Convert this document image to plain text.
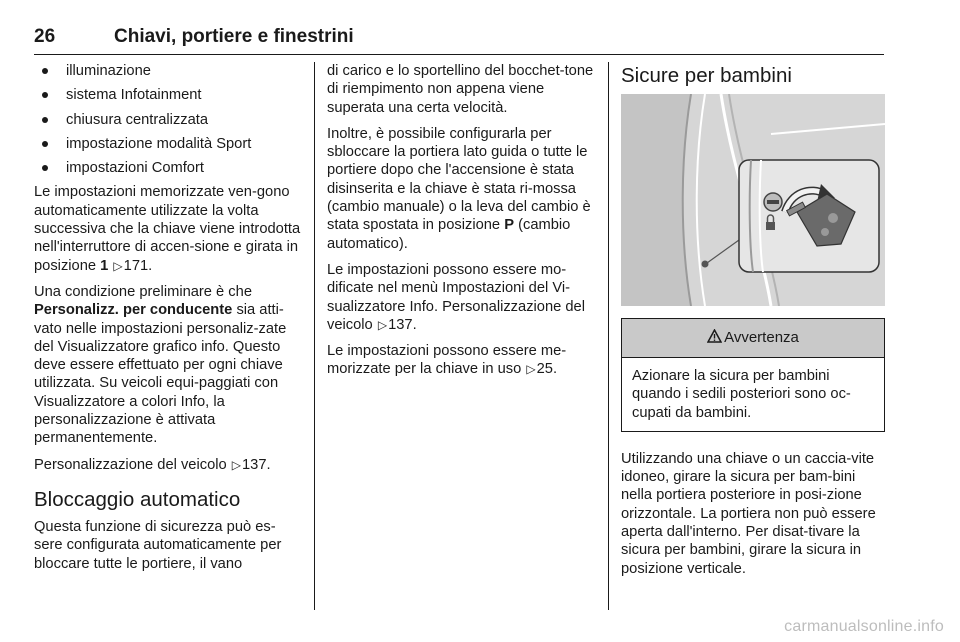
26	Chiavi, portiere e finestrini
illuminazione
sistema Infotainment
chiusura centralizzata
impostazione modalità Sport
impostazioni Comfort

Le impostazioni memorizzate ven-gono automaticamente utilizzate la volta successiva che la chiave viene introdotta nell'interruttore di accen-sione e girata in posizione 1 ▷171.

Una condizione preliminare è che Personalizz. per conducente sia atti-vato nelle impostazioni personaliz-zate del Visualizzatore grafico info. Questo deve essere effettuato per ogni chiave utilizzata. Su veicoli equi-paggiati con Visualizzatore a colori Info, la personalizzazione è attivata permanentemente.

Personalizzazione del veicolo ▷137.

Bloccaggio automatico

Questa funzione di sicurezza può es-sere configurata automaticamente per bloccare tutte le portiere, il vano

di carico e lo sportellino del bocchet-tone di riempimento non appena viene superata una certa velocità.

Inoltre, è possibile configurarla per sbloccare la portiera lato guida o tutte le portiere dopo che l'accensione è stata disinserita e la chiave è stata ri-mossa (cambio manuale) o la leva del cambio è stata spostata in posizione P (cambio automatico).

Le impostazioni possono essere mo-dificate nel menù Impostazioni del Vi-sualizzatore Info. Personalizzazione del veicolo ▷137.

Le impostazioni possono essere me-morizzate per la chiave in uso ▷25.

Sicure per bambini
Avvertenza
Azionare la sicura per bambini quando i sedili posteriori sono oc-cupati da bambini.

Utilizzando una chiave o un caccia-vite idoneo, girare la sicura per bam-bini nella portiera posteriore in posi-zione orizzontale. La portiera non può essere aperta dall'interno. Per disat-tivare la sicura per bambini, girare la sicura in posizione verticale.

carmanualsonline.info
